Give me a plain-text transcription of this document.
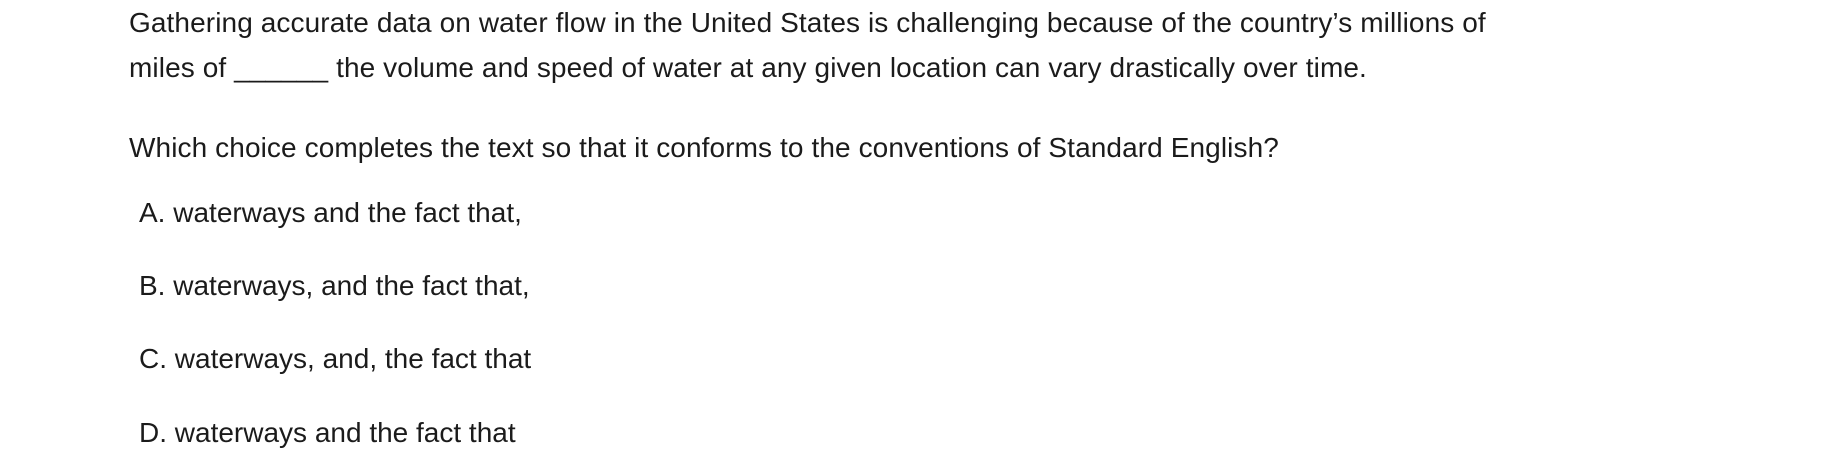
Gathering accurate data on water flow in the United States is challenging because of the country’s millions of
miles of ______ the volume and speed of water at any given location can vary drastically over time.
Which choice completes the text so that it conforms to the conventions of Standard English?
A. waterways and the fact that,
B. waterways, and the fact that,
C. waterways, and, the fact that
D. waterways and the fact that
